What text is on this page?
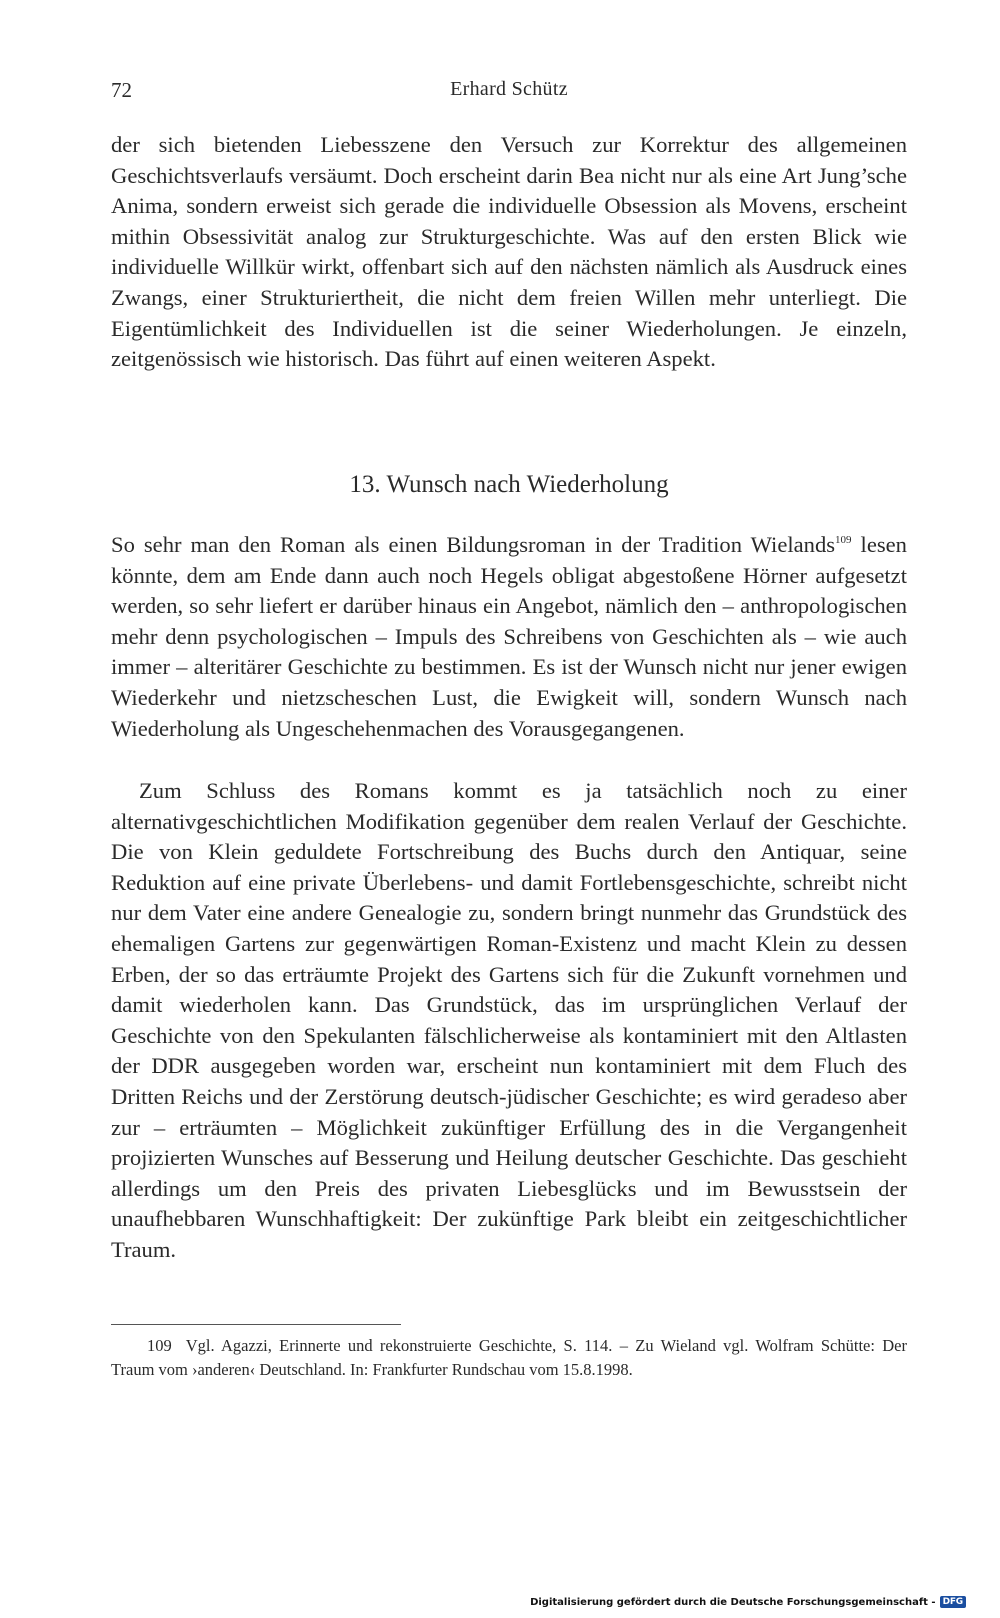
72	Erhard Schütz

der sich bietenden Liebesszene den Versuch zur Korrektur des allgemeinen Geschichtsverlaufs versäumt. Doch erscheint darin Bea nicht nur als eine Art Jung’sche Anima, sondern erweist sich gerade die individuelle Obsession als Movens, erscheint mithin Obsessivität analog zur Strukturgeschichte. Was auf den ersten Blick wie individuelle Willkür wirkt, offenbart sich auf den nächsten nämlich als Ausdruck eines Zwangs, einer Strukturiertheit, die nicht dem freien Willen mehr unterliegt. Die Eigentümlichkeit des Individuellen ist die seiner Wiederholungen. Je einzeln, zeitgenössisch wie historisch. Das führt auf einen weiteren Aspekt.

13. Wunsch nach Wiederholung

So sehr man den Roman als einen Bildungsroman in der Tradition Wielands$^{109}$ lesen könnte, dem am Ende dann auch noch Hegels obligat abgestoßene Hörner aufgesetzt werden, so sehr liefert er darüber hinaus ein Angebot, nämlich den – anthropologischen mehr denn psychologischen – Impuls des Schreibens von Geschichten als – wie auch immer – alteritärer Geschichte zu bestimmen. Es ist der Wunsch nicht nur jener ewigen Wiederkehr und nietzscheschen Lust, die Ewigkeit will, sondern Wunsch nach Wiederholung als Ungeschehenmachen des Vorausgegangenen.

Zum Schluss des Romans kommt es ja tatsächlich noch zu einer alternativgeschichtlichen Modifikation gegenüber dem realen Verlauf der Geschichte. Die von Klein geduldete Fortschreibung des Buchs durch den Antiquar, seine Reduktion auf eine private Überlebens- und damit Fortlebensgeschichte, schreibt nicht nur dem Vater eine andere Genealogie zu, sondern bringt nunmehr das Grundstück des ehemaligen Gartens zur gegenwärtigen Roman-Existenz und macht Klein zu dessen Erben, der so das erträumte Projekt des Gartens sich für die Zukunft vornehmen und damit wiederholen kann. Das Grundstück, das im ursprünglichen Verlauf der Geschichte von den Spekulanten fälschlicherweise als kontaminiert mit den Altlasten der DDR ausgegeben worden war, erscheint nun kontaminiert mit dem Fluch des Dritten Reichs und der Zerstörung deutsch-jüdischer Geschichte; es wird geradeso aber zur – erträumten – Möglichkeit zukünftiger Erfüllung des in die Vergangenheit projizierten Wunsches auf Besserung und Heilung deutscher Geschichte. Das geschieht allerdings um den Preis des privaten Liebesglücks und im Bewusstsein der unaufhebbaren Wunschhaftigkeit: Der zukünftige Park bleibt ein zeitgeschichtlicher Traum.

109 Vgl. Agazzi, Erinnerte und rekonstruierte Geschichte, S. 114. – Zu Wieland vgl. Wolfram Schütte: Der Traum vom ›anderen‹ Deutschland. In: Frankfurter Rundschau vom 15.8.1998.
Digitalisierung gefördert durch die Deutsche Forschungsgemeinschaft - DFG
